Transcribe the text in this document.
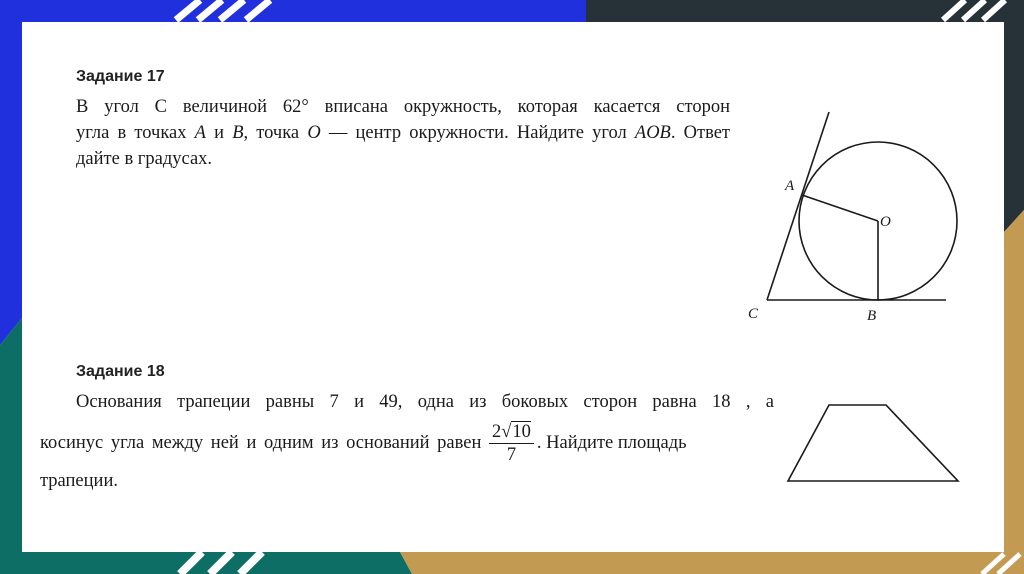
Задание 17

В угол С величиной 62° вписана окружность, которая касается сторон

угла в точках A и B, точка O — центр окружности. Найдите угол AOB. Ответ

дайте в градусах.

A
O
C	B
Задание 18

Основания трапеции равны 7 и 49, одна из боковых сторон равна 18 , а

косинус угла между ней и одним из оснований равен $\frac{2√10}{7}$ . Найдите площадь

трапеции.
